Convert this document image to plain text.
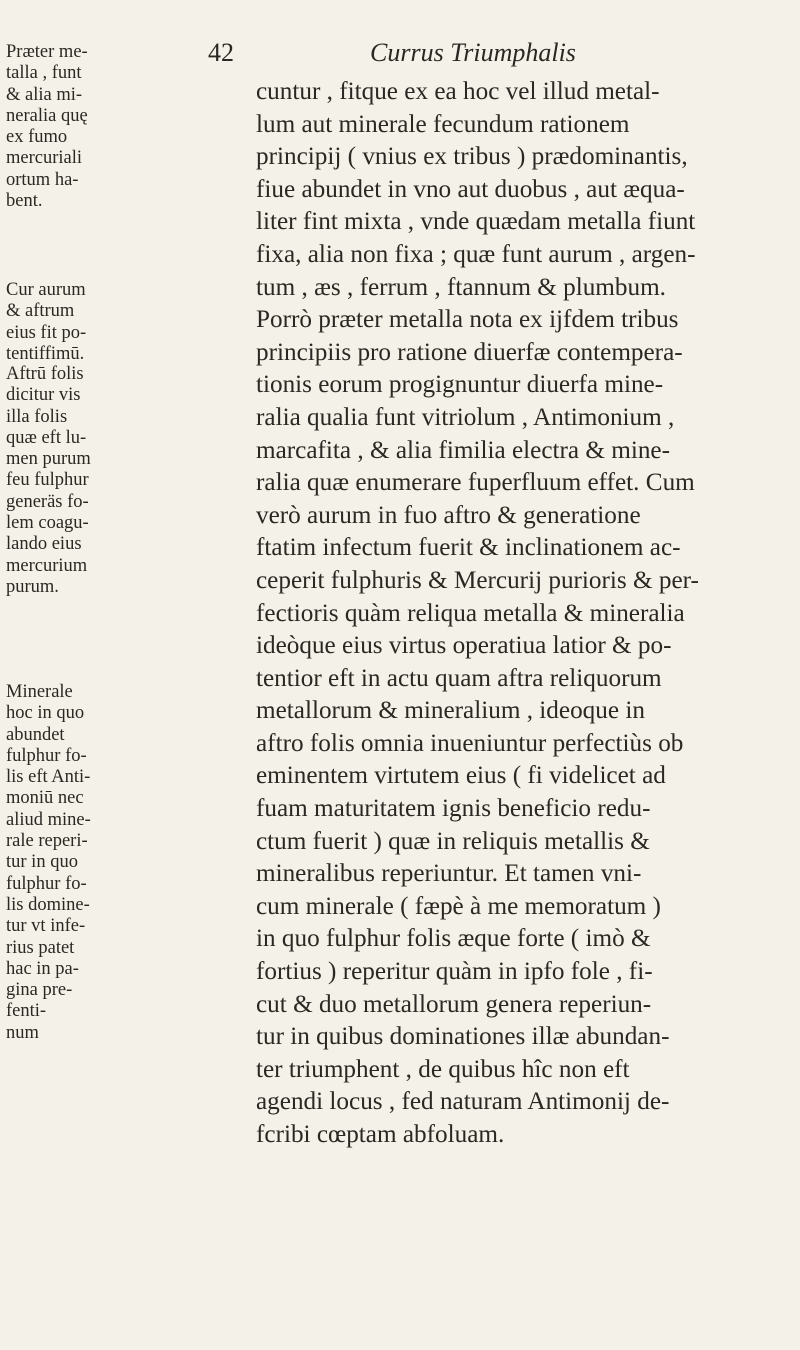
42	Currus Triumphalis

Præter me-
talla , funt
& alia mi-
neralia quę
ex fumo
mercuriali
ortum ha-
bent.

Cur aurum
& aftrum
eius fit po-
tentiffimū.

Aftrū folis
dicitur vis
illa folis
quæ eft lu-
men purum
feu fulphur
generäs fo-
lem coagu-
lando eius
mercurium
purum.

Minerale
hoc in quo
abundet
fulphur fo-
lis eft Anti-
moniū nec
aliud mine-
rale reperi-
tur in quo
fulphur fo-
lis domine-
tur vt infe-
rius patet
hac in pa-
gina pre-
fenti-
num

cuntur , fitque ex ea hoc vel illud metal-
lum aut minerale fecundum rationem
principij ( vnius ex tribus ) prædominantis,
fiue abundet in vno aut duobus , aut æqua-
liter fint mixta , vnde quædam metalla fiunt
fixa, alia non fixa ; quæ funt aurum , argen-
tum , æs , ferrum , ftannum & plumbum.
Porrò præter metalla nota ex ijfdem tribus
principiis pro ratione diuerfæ contempera-
tionis eorum progignuntur diuerfa mine-
ralia qualia funt vitriolum , Antimonium ,
marcafita , & alia fimilia electra & mine-
ralia quæ enumerare fuperfluum effet. Cum
verò aurum in fuo aftro & generatione
ftatim infectum fuerit & inclinationem ac-
ceperit fulphuris & Mercurij purioris & per-
fectioris quàm reliqua metalla & mineralia
ideòque eius virtus operatiua latior & po-
tentior eft in actu quam aftra reliquorum
metallorum & mineralium , ideoque in
aftro folis omnia inueniuntur perfectiùs ob
eminentem virtutem eius ( fi videlicet ad
fuam maturitatem ignis beneficio redu-
ctum fuerit ) quæ in reliquis metallis &
mineralibus reperiuntur. Et tamen vni-
cum minerale ( fæpè à me memoratum )
in quo fulphur folis æque forte ( imò &
fortius ) reperitur quàm in ipfo fole , fi-
cut & duo metallorum genera reperiun-
tur in quibus dominationes illæ abundan-
ter triumphent , de quibus hîc non eft
agendi locus , fed naturam Antimonij de-
fcribi cœptam abfoluam.
